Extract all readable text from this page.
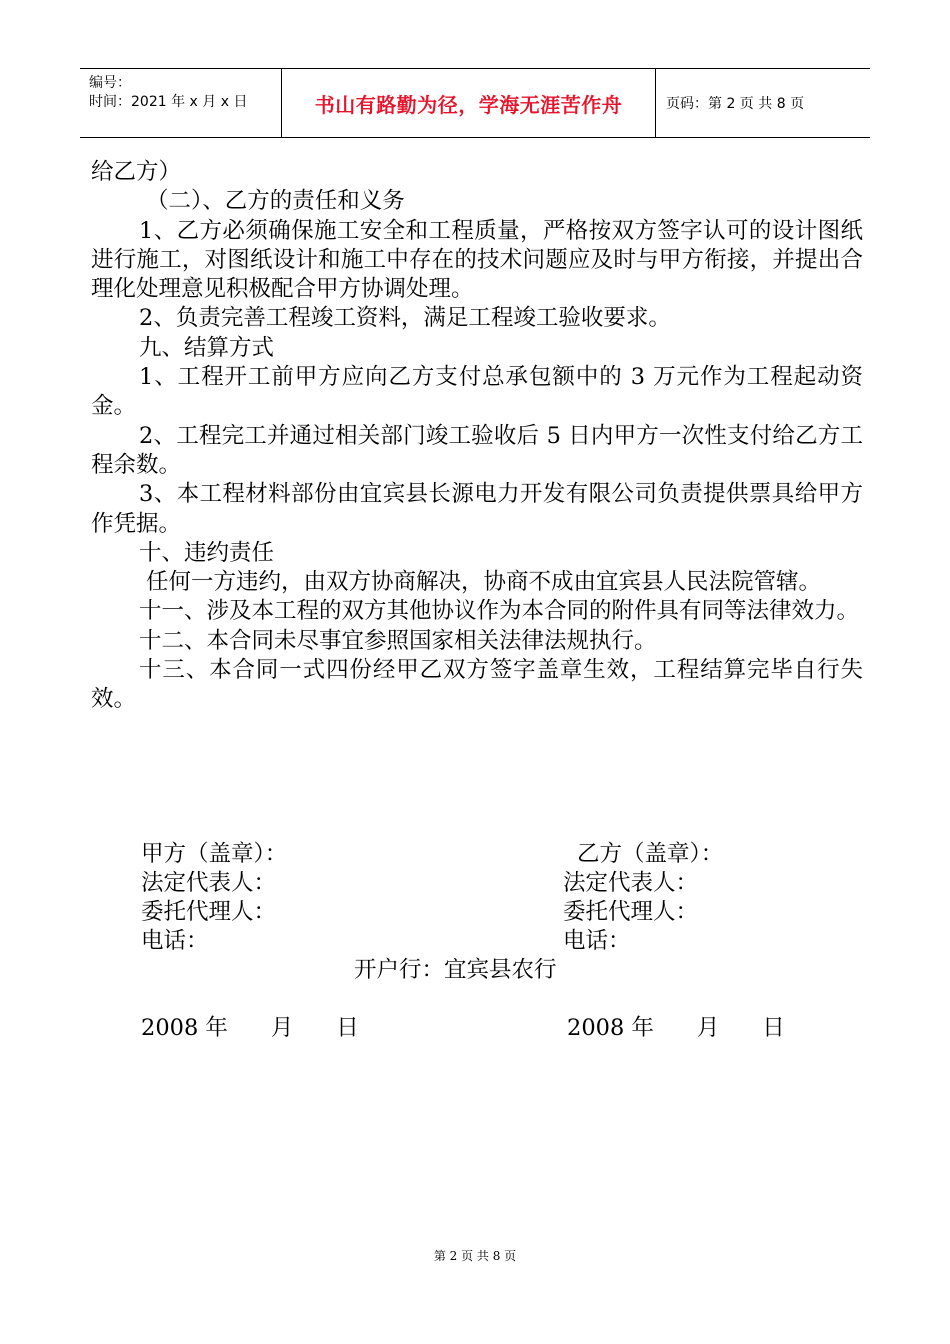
编号：
时间：2021 年 x 月 x 日	书山有路勤为径，学海无涯苦作舟	页码：第 2 页 共 8 页

给乙方）

（二）、乙方的责任和义务

1、乙方必须确保施工安全和工程质量，严格按双方签字认可的设计图纸进行施工，对图纸设计和施工中存在的技术问题应及时与甲方衔接，并提出合理化处理意见积极配合甲方协调处理。

2、负责完善工程竣工资料，满足工程竣工验收要求。

九、结算方式

1、工程开工前甲方应向乙方支付总承包额中的 3 万元作为工程起动资金。

2、工程完工并通过相关部门竣工验收后 5 日内甲方一次性支付给乙方工程余数。

3、本工程材料部份由宜宾县长源电力开发有限公司负责提供票具给甲方作凭据。

十、违约责任

任何一方违约，由双方协商解决，协商不成由宜宾县人民法院管辖。

十一、涉及本工程的双方其他协议作为本合同的附件具有同等法律效力。

十二、本合同未尽事宜参照国家相关法律法规执行。

十三、本合同一式四份经甲乙双方签字盖章生效，工程结算完毕自行失效。

甲方（盖章）：	乙方（盖章）：
法定代表人：	法定代表人：
委托代理人：	委托代理人：
电话：	电话：
开户行：宜宾县农行
2008 年      月      日	2008 年      月      日
第 2 页 共 8 页
